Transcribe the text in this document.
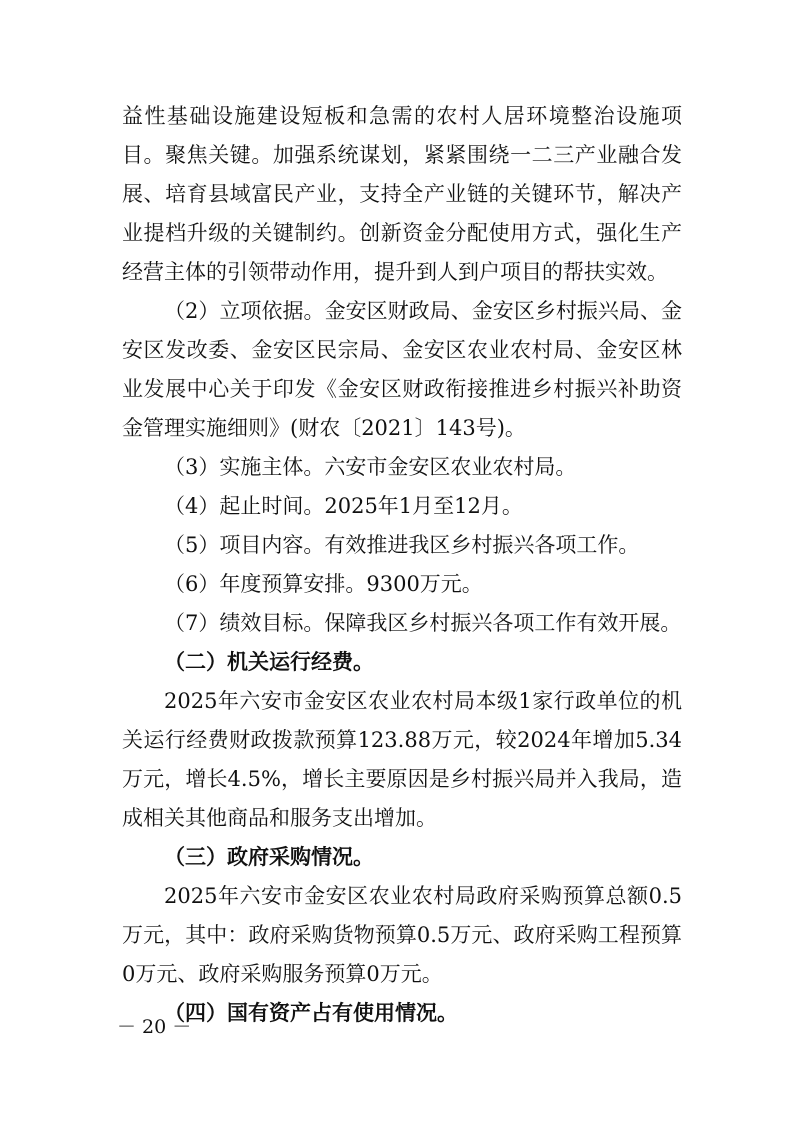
益性基础设施建设短板和急需的农村人居环境整治设施项目。聚焦关键。加强系统谋划，紧紧围绕一二三产业融合发展、培育县域富民产业，支持全产业链的关键环节，解决产业提档升级的关键制约。创新资金分配使用方式，强化生产经营主体的引领带动作用，提升到人到户项目的帮扶实效。

（2）立项依据。金安区财政局、金安区乡村振兴局、金安区发改委、金安区民宗局、金安区农业农村局、金安区林业发展中心关于印发《金安区财政衔接推进乡村振兴补助资金管理实施细则》(财农〔2021〕143号)。

（3）实施主体。六安市金安区农业农村局。

（4）起止时间。2025年1月至12月。

（5）项目内容。有效推进我区乡村振兴各项工作。

（6）年度预算安排。9300万元。

（7）绩效目标。保障我区乡村振兴各项工作有效开展。

（二）机关运行经费。

2025年六安市金安区农业农村局本级1家行政单位的机关运行经费财政拨款预算123.88万元，较2024年增加5.34万元，增长4.5%，增长主要原因是乡村振兴局并入我局，造成相关其他商品和服务支出增加。

（三）政府采购情况。

2025年六安市金安区农业农村局政府采购预算总额0.5万元，其中：政府采购货物预算0.5万元、政府采购工程预算0万元、政府采购服务预算0万元。

（四）国有资产占有使用情况。

－ 20 －
